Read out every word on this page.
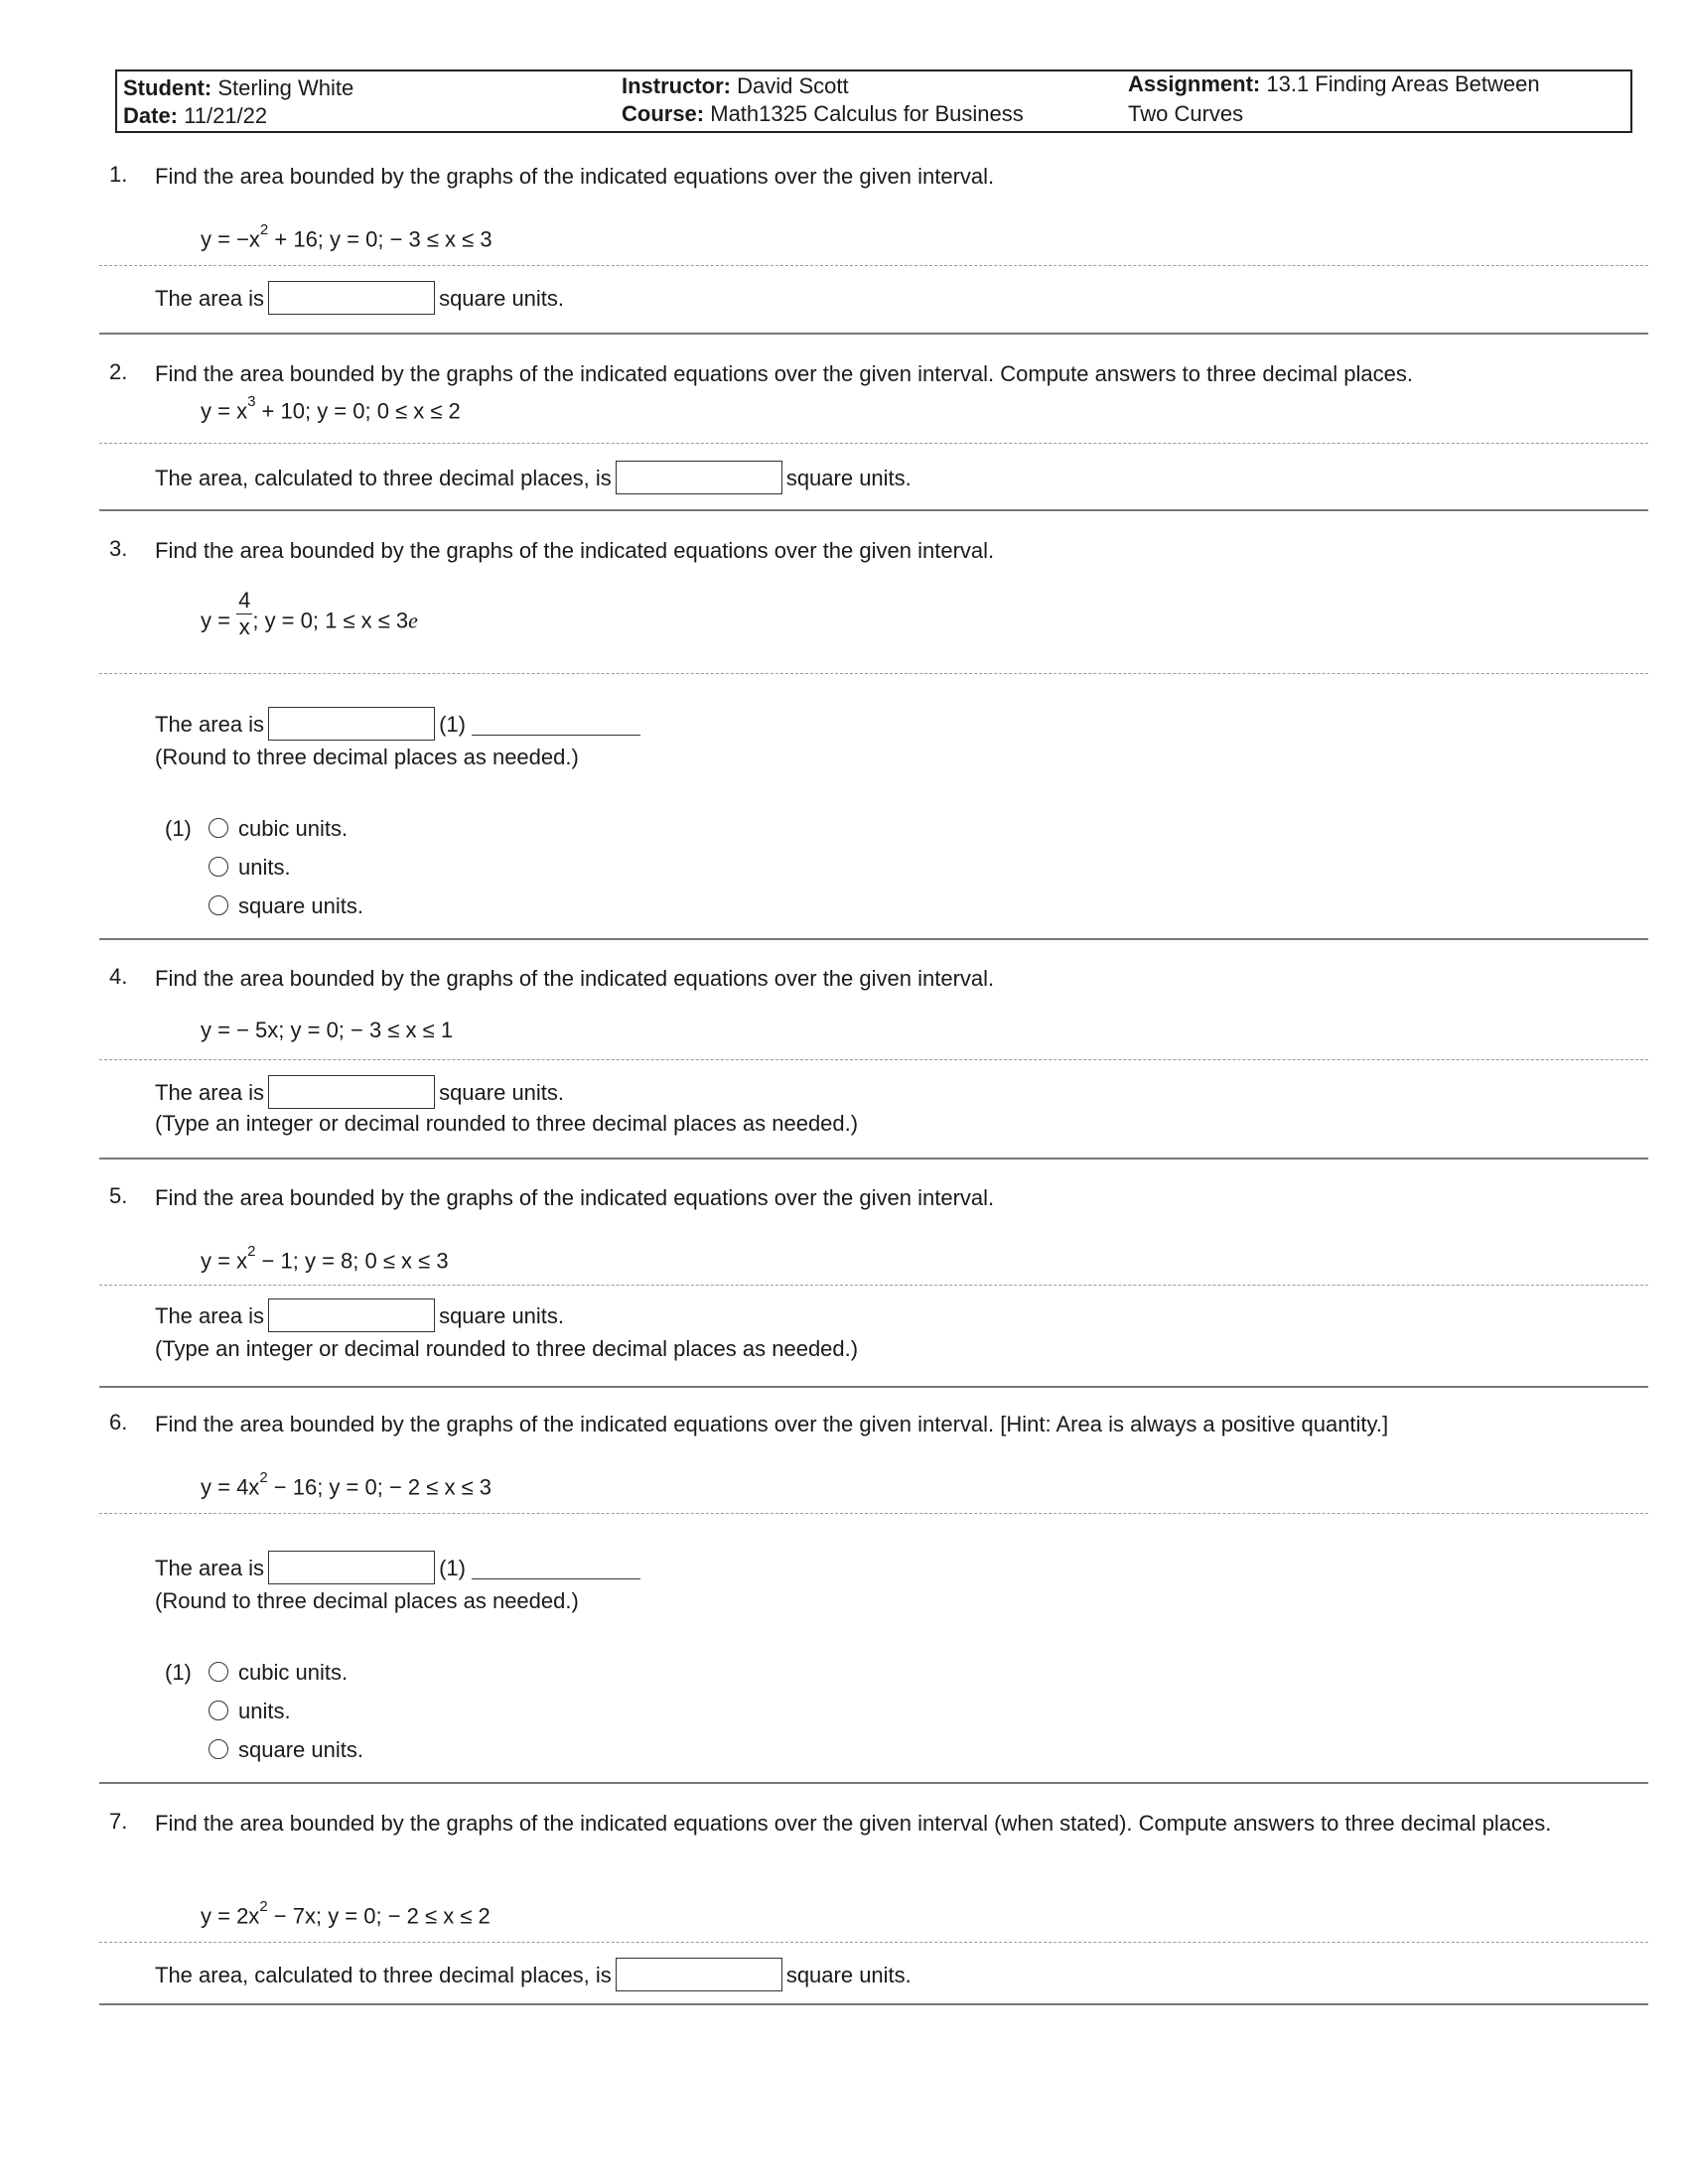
Student: Sterling White
Date: 11/21/22
Instructor: David Scott
Course: Math1325 Calculus for Business
Assignment: 13.1 Finding Areas Between
Two Curves
1.	Find the area bounded by the graphs of the indicated equations over the given interval.
$y = -x^2 + 16$; y = 0; − 3 ≤ x ≤ 3
The area is	square units.
2.	Find the area bounded by the graphs of the indicated equations over the given interval. Compute answers to three decimal places.
$y = x^3 + 10$; y = 0; 0 ≤ x ≤ 2
The area, calculated to three decimal places, is	square units.
3.	Find the area bounded by the graphs of the indicated equations over the given interval.
$y = \frac{4}{x}$ ; y = 0; 1 ≤ x ≤ 3e
The area is	(1)
(Round to three decimal places as needed.)
(1) cubic units.
units.
square units.
4.	Find the area bounded by the graphs of the indicated equations over the given interval.
y = − 5x; y = 0; − 3 ≤ x ≤ 1
The area is	square units.
(Type an integer or decimal rounded to three decimal places as needed.)
5.	Find the area bounded by the graphs of the indicated equations over the given interval.
$y = x^2 - 1$; y = 8; 0 ≤ x ≤ 3
The area is	square units.
(Type an integer or decimal rounded to three decimal places as needed.)
6.	Find the area bounded by the graphs of the indicated equations over the given interval. [Hint: Area is always a positive quantity.]
$y = 4x^2 - 16$; y = 0; − 2 ≤ x ≤ 3
The area is	(1)
(Round to three decimal places as needed.)
(1) cubic units.
units.
square units.
7.	Find the area bounded by the graphs of the indicated equations over the given interval (when stated). Compute answers to three decimal places.
$y = 2x^2 - 7x$; y = 0; − 2 ≤ x ≤ 2
The area, calculated to three decimal places, is	square units.
